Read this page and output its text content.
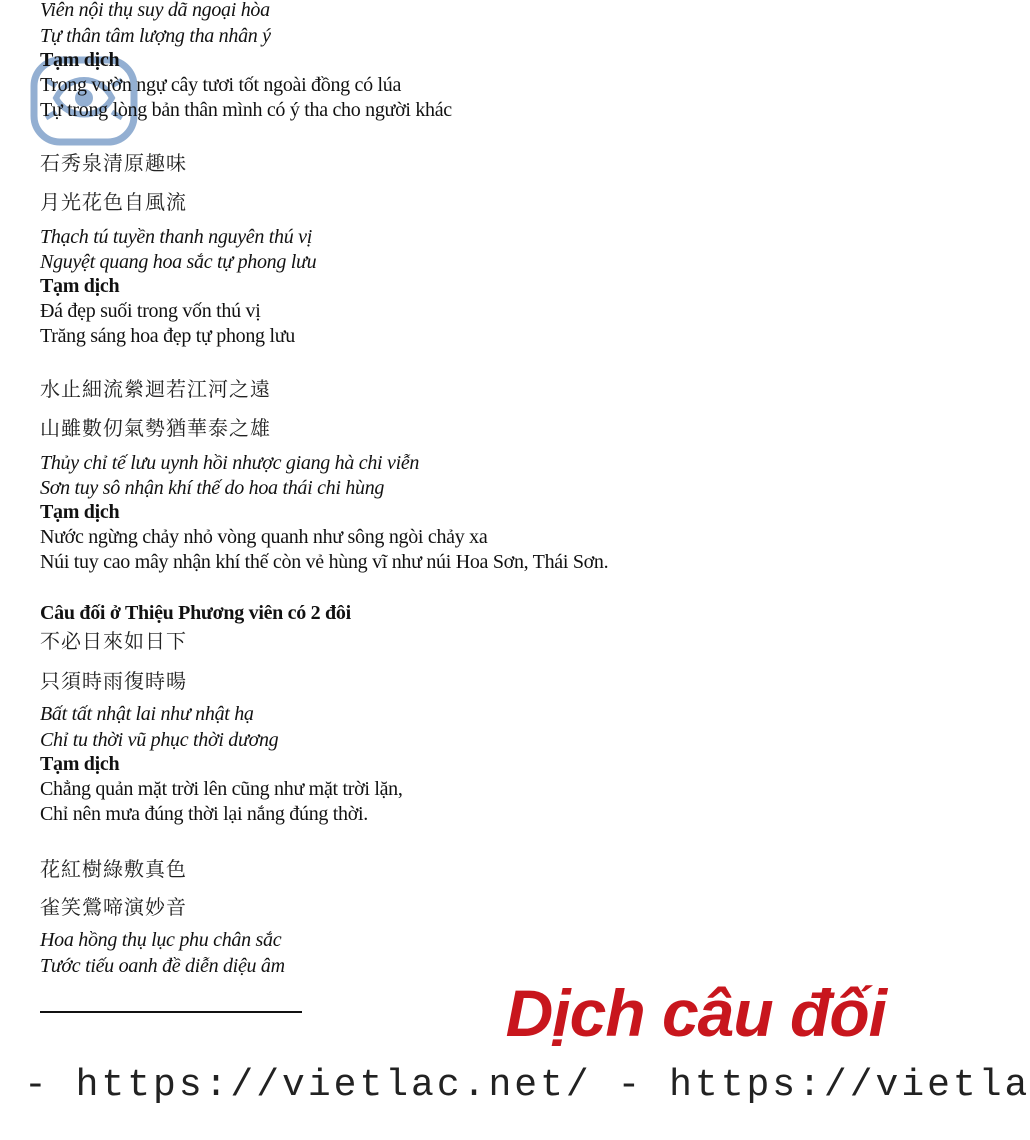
Viên nội thụ suy dã ngoại hòa
Tự thân tâm lượng tha nhân ý
Tạm dịch
Trong vườn ngự cây tươi tốt ngoài đồng có lúa
Tự trong lòng bản thân mình có ý tha cho người khác
石秀泉清原趣味
月光花色自風流
Thạch tú tuyền thanh nguyên thú vị
Nguyệt quang hoa sắc tự phong lưu
Tạm dịch
Đá đẹp suối trong vốn thú vị
Trăng sáng hoa đẹp tự phong lưu
水止細流縈迴若江河之遠
山雖數仞氣勢猶華泰之雄
Thủy chỉ tế lưu uynh hồi nhược giang hà chi viễn
Sơn tuy sô nhận khí thế do hoa thái chi hùng
Tạm dịch
Nước ngừng chảy nhỏ vòng quanh như sông ngòi chảy xa
Núi tuy cao mây nhận khí thế còn vẻ hùng vĩ như núi Hoa Sơn, Thái Sơn.
Câu đối ở Thiệu Phương viên có 2 đôi
不必日來如日下
只須時雨復時暘
Bất tất nhật lai như nhật hạ
Chỉ tu thời vũ phục thời dương
Tạm dịch
Chẳng quản mặt trời lên cũng như mặt trời lặn,
Chỉ nên mưa đúng thời lại nắng đúng thời.
花紅樹綠敷真色
雀笑鶯啼演妙音
Hoa hồng thụ lục phu chân sắc
Tước tiếu oanh đề diễn diệu âm
Dịch câu đối
- https://vietlac.net/ - https://vietla
